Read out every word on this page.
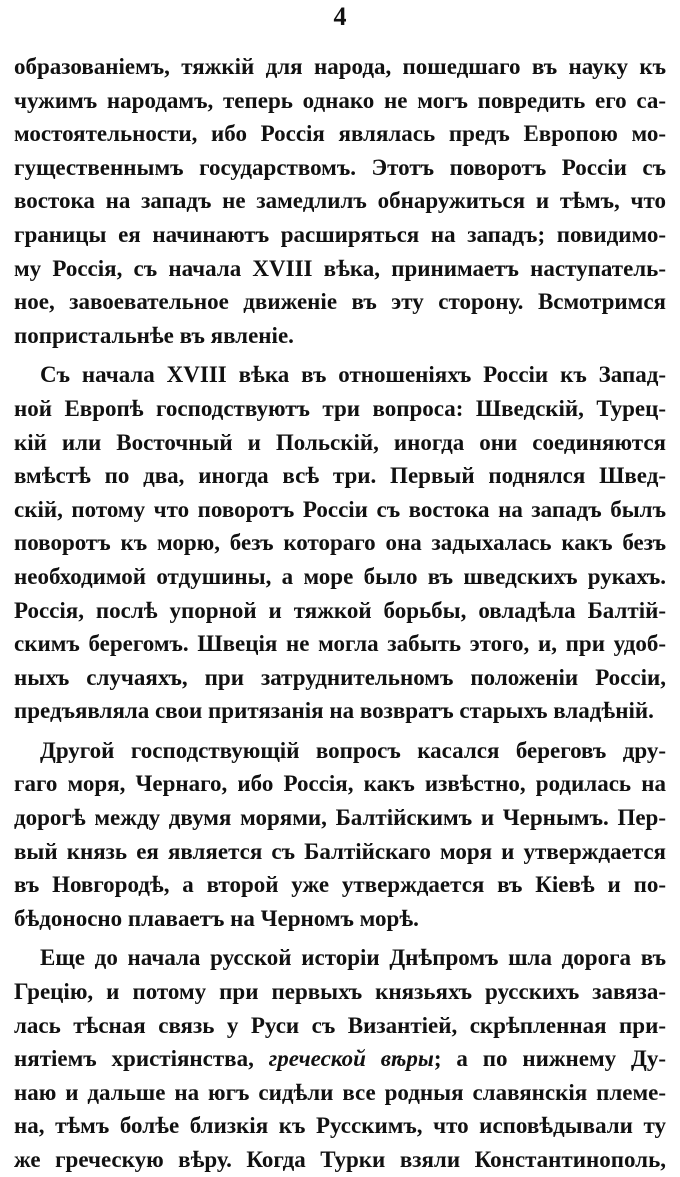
4
образованіемъ, тяжкій для народа, пошедшаго въ науку къ
чужимъ народамъ, теперь однако не могъ повредить его са-
мостоятельности, ибо Россія являлась предъ Европою мо-
гущественнымъ государствомъ. Этотъ поворотъ Россіи съ
востока на западъ не замедлилъ обнаружиться и тѣмъ, что
границы ея начинаютъ расширяться на западъ; повидимо-
му Россія, съ начала XVIII вѣка, принимаетъ наступатель-
ное, завоевательное движеніе въ эту сторону. Всмотримся
попристальнѣе въ явленіе.
Съ начала XVIII вѣка въ отношеніяхъ Россіи къ Запад-
ной Европѣ господствуютъ три вопроса: Шведскій, Турец-
кій или Восточный и Польскій, иногда они соединяются
вмѣстѣ по два, иногда всѣ три. Первый поднялся Швед-
скій, потому что поворотъ Россіи съ востока на западъ былъ
поворотъ къ морю, безъ котораго она задыхалась какъ безъ
необходимой отдушины, а море было въ шведскихъ рукахъ.
Россія, послѣ упорной и тяжкой борьбы, овладѣла Балтій-
скимъ берегомъ. Швеція не могла забыть этого, и, при удоб-
ныхъ случаяхъ, при затруднительномъ положеніи Россіи,
предъявляла свои притязанія на возвратъ старыхъ владѣній.
Другой господствующій вопросъ касался береговъ дру-
гаго моря, Чернаго, ибо Россія, какъ извѣстно, родилась на
дорогѣ между двумя морями, Балтійскимъ и Чернымъ. Пер-
вый князь ея является съ Балтійскаго моря и утверждается
въ Новгородѣ, а второй уже утверждается въ Кіевѣ и по-
бѣдоносно плаваетъ на Черномъ морѣ.
Еще до начала русской исторіи Днѣпромъ шла дорога въ
Грецію, и потому при первыхъ князьяхъ русскихъ завяза-
лась тѣсная связь у Руси съ Византіей, скрѣпленная при-
нятіемъ христіянства, греческой вѣры; а по нижнему Ду-
наю и дальше на югъ сидѣли все родныя славянскія племе-
на, тѣмъ болѣе близкія къ Русскимъ, что исповѣдывали ту
же греческую вѣру. Когда Турки взяли Константинополь,
